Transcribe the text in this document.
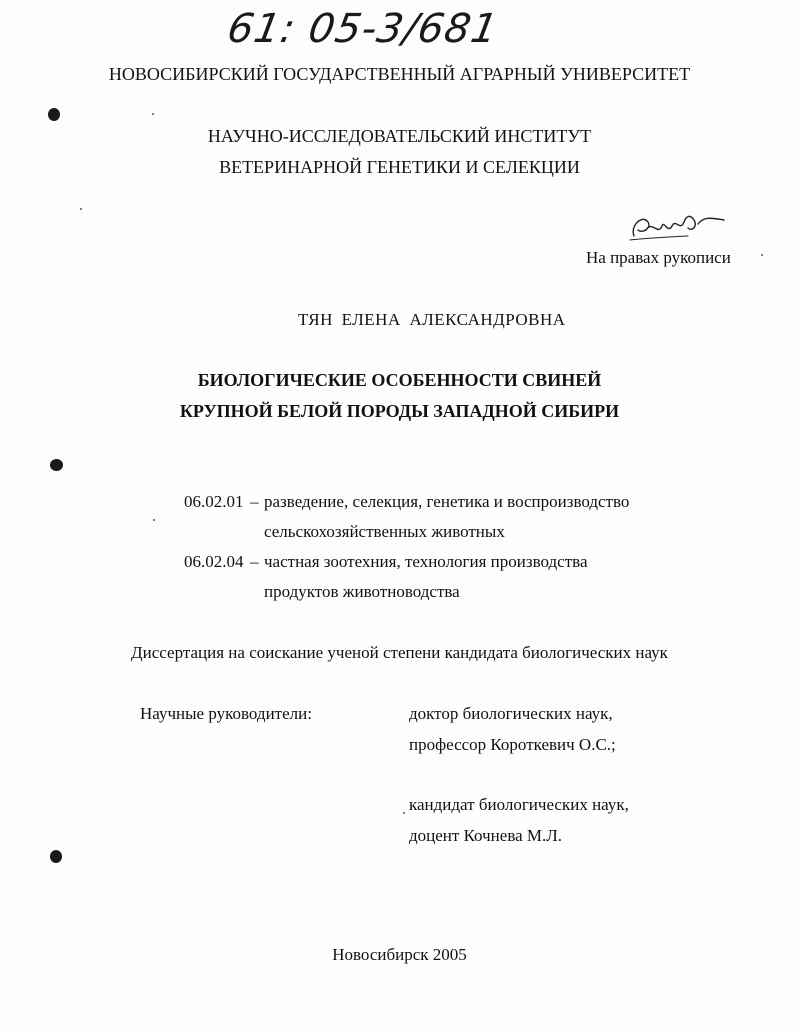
61: 05-3/681
НОВОСИБИРСКИЙ ГОСУДАРСТВЕННЫЙ АГРАРНЫЙ УНИВЕРСИТЕТ
НАУЧНО-ИССЛЕДОВАТЕЛЬСКИЙ ИНСТИТУТ
ВЕТЕРИНАРНОЙ ГЕНЕТИКИ И СЕЛЕКЦИИ
На правах рукописи
ТЯН ЕЛЕНА АЛЕКСАНДРОВНА
БИОЛОГИЧЕСКИЕ ОСОБЕННОСТИ СВИНЕЙ
КРУПНОЙ БЕЛОЙ ПОРОДЫ ЗАПАДНОЙ СИБИРИ
06.02.01 – разведение, селекция, генетика и воспроизводство
сельскохозяйственных животных
06.02.04 – частная зоотехния, технология производства
продуктов животноводства
Диссертация на соискание ученой степени кандидата биологических наук
Научные руководители:	доктор биологических наук,
профессор Короткевич О.С.;
кандидат биологических наук,
доцент Кочнева М.Л.
Новосибирск 2005
